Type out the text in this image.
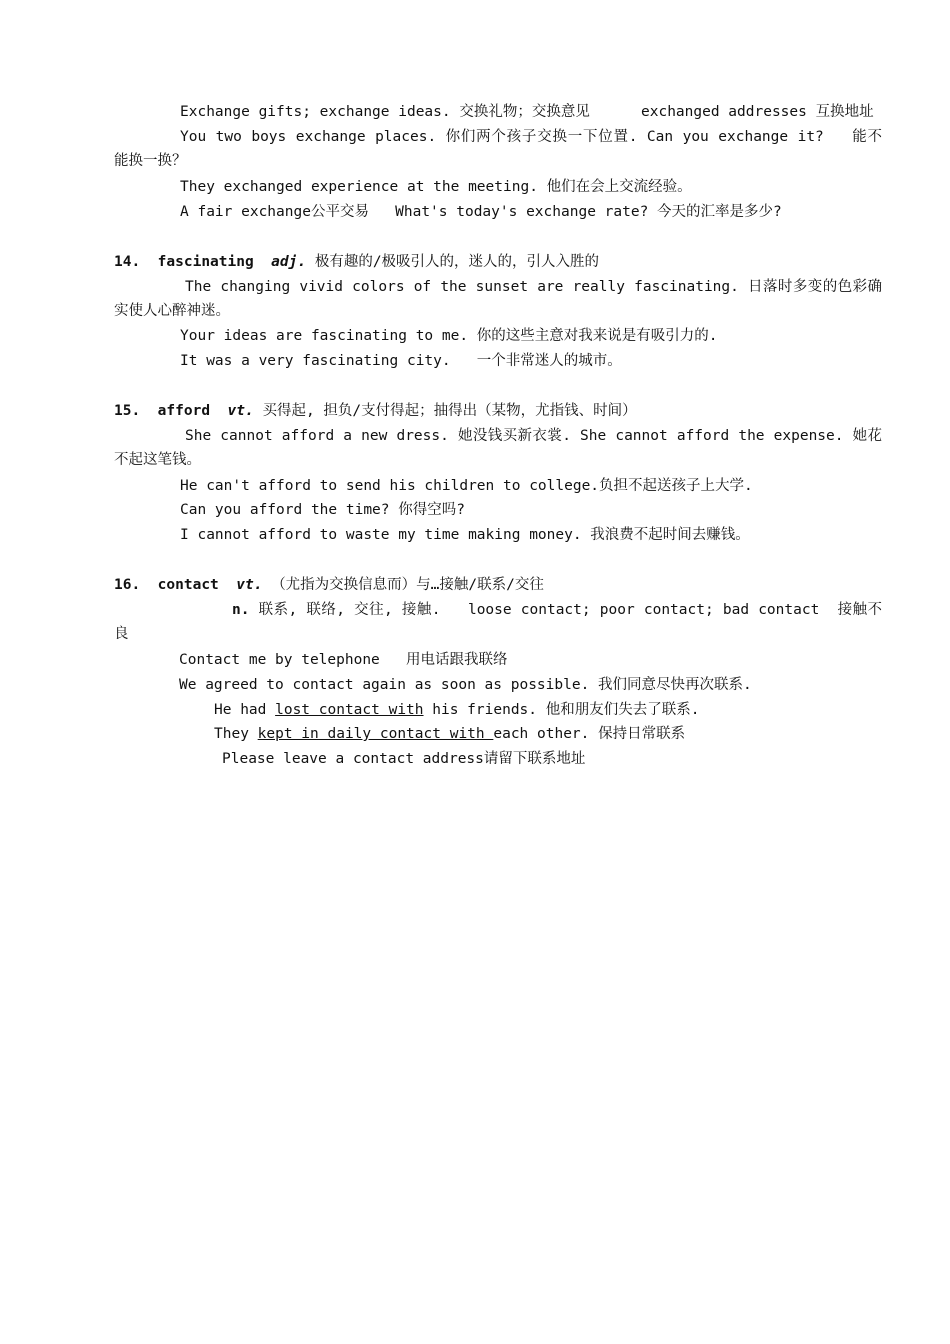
Exchange gifts; exchange ideas. 交换礼物；交换意见	exchanged addresses 互换地址
You two boys exchange places. 你们两个孩子交换一下位置. Can you exchange it?   能不
能换一换？
They exchanged experience at the meeting. 他们在会上交流经验。
A fair exchange公平交易   What's today's exchange rate? 今天的汇率是多少?
14. fascinating adj. 极有趣的/极吸引人的，迷人的，引人入胜的
The changing vivid colors of the sunset are really fascinating. 日落时多变的色彩确
实使人心醉神迷。
Your ideas are fascinating to me. 你的这些主意对我来说是有吸引力的.
It was a very fascinating city.   一个非常迷人的城市。
15. afford vt. 买得起, 担负/支付得起；抽得出（某物，尤指钱、时间）
She cannot afford a new dress. 她没钱买新衣裳. She cannot afford the expense. 她花
不起这笔钱。
He can't afford to send his children to college.负担不起送孩子上大学.
Can you afford the time? 你得空吗?
I cannot afford to waste my time making money. 我浪费不起时间去赚钱。
16. contact vt. （尤指为交换信息而）与…接触/联系/交往
n. 联系, 联络, 交往, 接触.   loose contact; poor contact; bad contact  接触不
良
Contact me by telephone   用电话跟我联络
We agreed to contact again as soon as possible. 我们同意尽快再次联系.
He had lost contact with his friends. 他和朋友们失去了联系.
They kept in daily contact with each other. 保持日常联系
Please leave a contact address请留下联系地址
